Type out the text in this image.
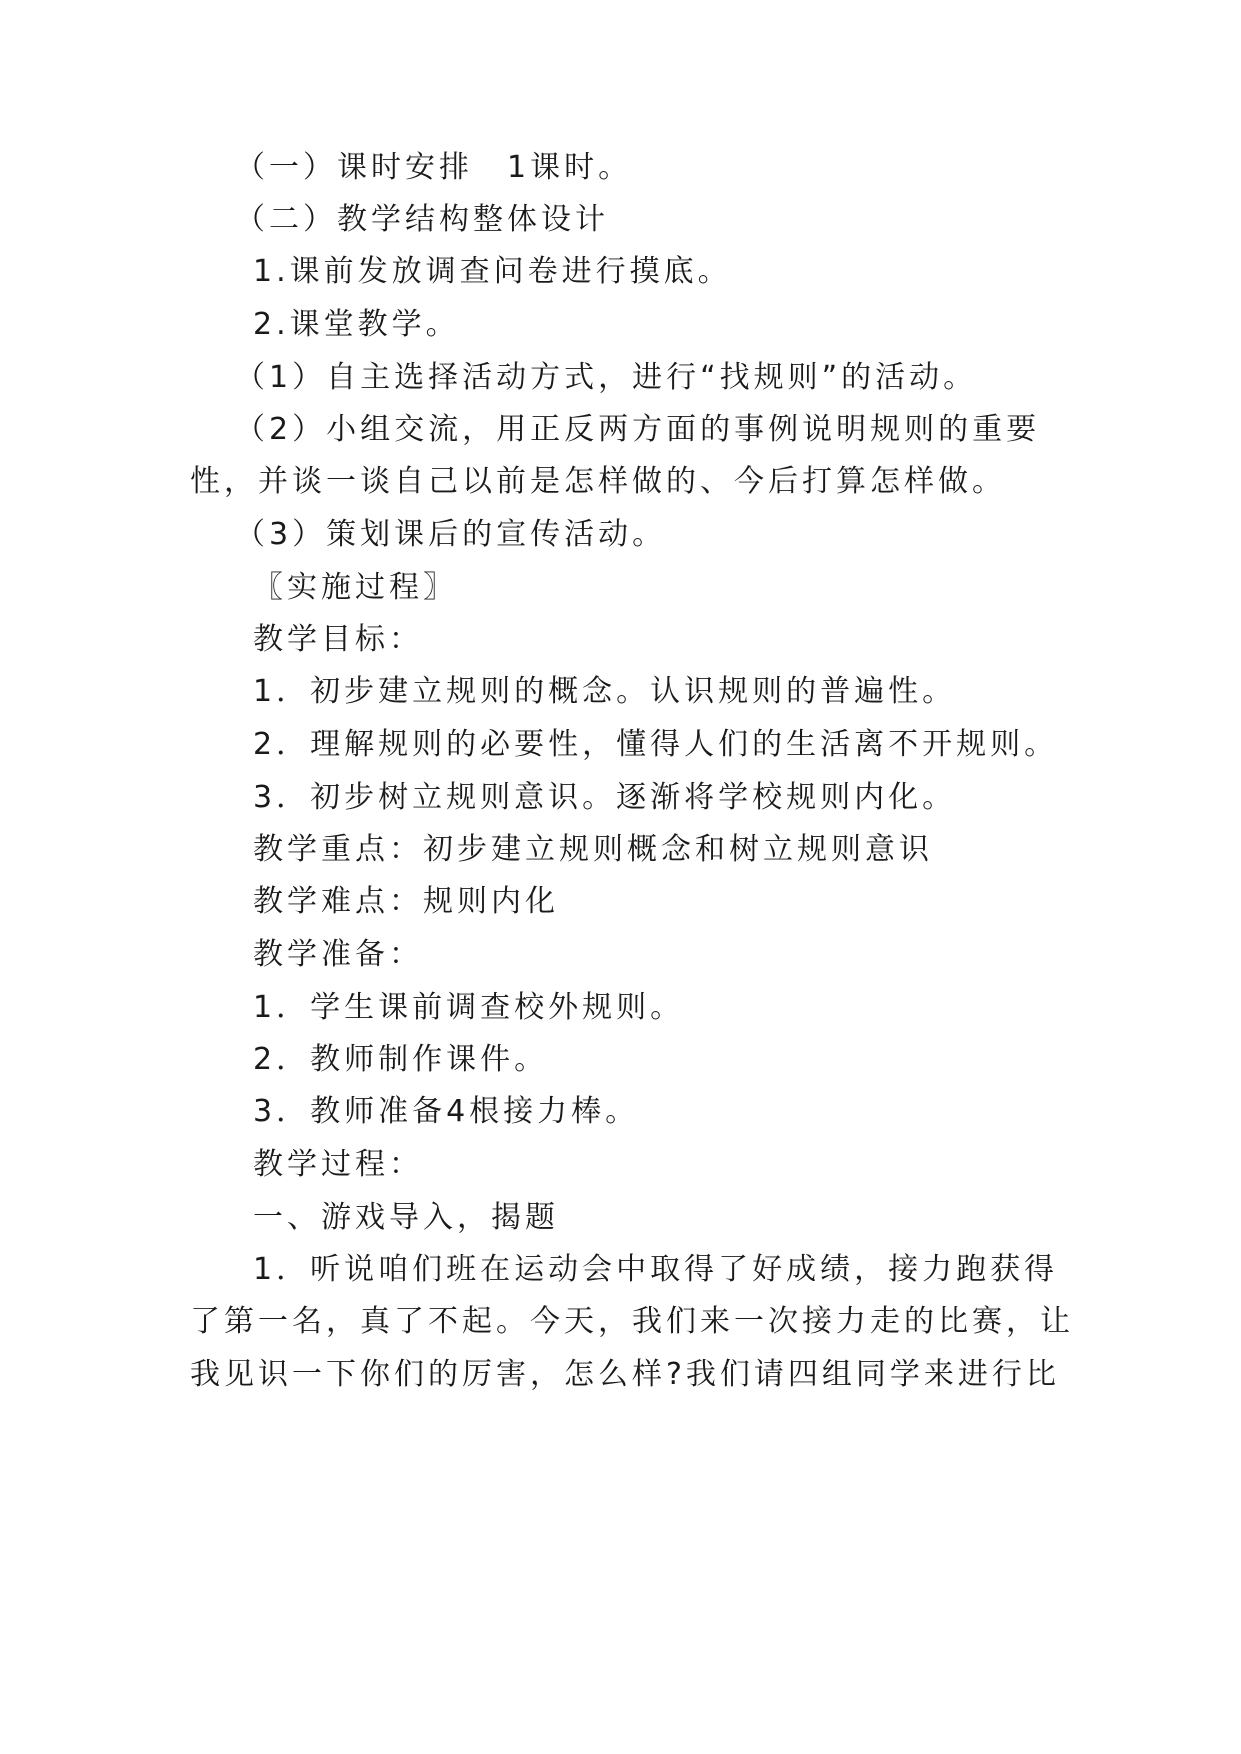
（一）课时安排　1课时。
（二）教学结构整体设计
1.课前发放调查问卷进行摸底。
2.课堂教学。
（1）自主选择活动方式，进行“找规则”的活动。
（2）小组交流，用正反两方面的事例说明规则的重要
性，并谈一谈自己以前是怎样做的、今后打算怎样做。
（3）策划课后的宣传活动。
〖实施过程〗
教学目标：
1．初步建立规则的概念。认识规则的普遍性。
2．理解规则的必要性，懂得人们的生活离不开规则。
3．初步树立规则意识。逐渐将学校规则内化。
教学重点：初步建立规则概念和树立规则意识
教学难点：规则内化
教学准备：
1．学生课前调查校外规则。
2．教师制作课件。
3．教师准备4根接力棒。
教学过程：
一、游戏导入，揭题
1．听说咱们班在运动会中取得了好成绩，接力跑获得
了第一名，真了不起。今天，我们来一次接力走的比赛，让
我见识一下你们的厉害，怎么样?我们请四组同学来进行比
